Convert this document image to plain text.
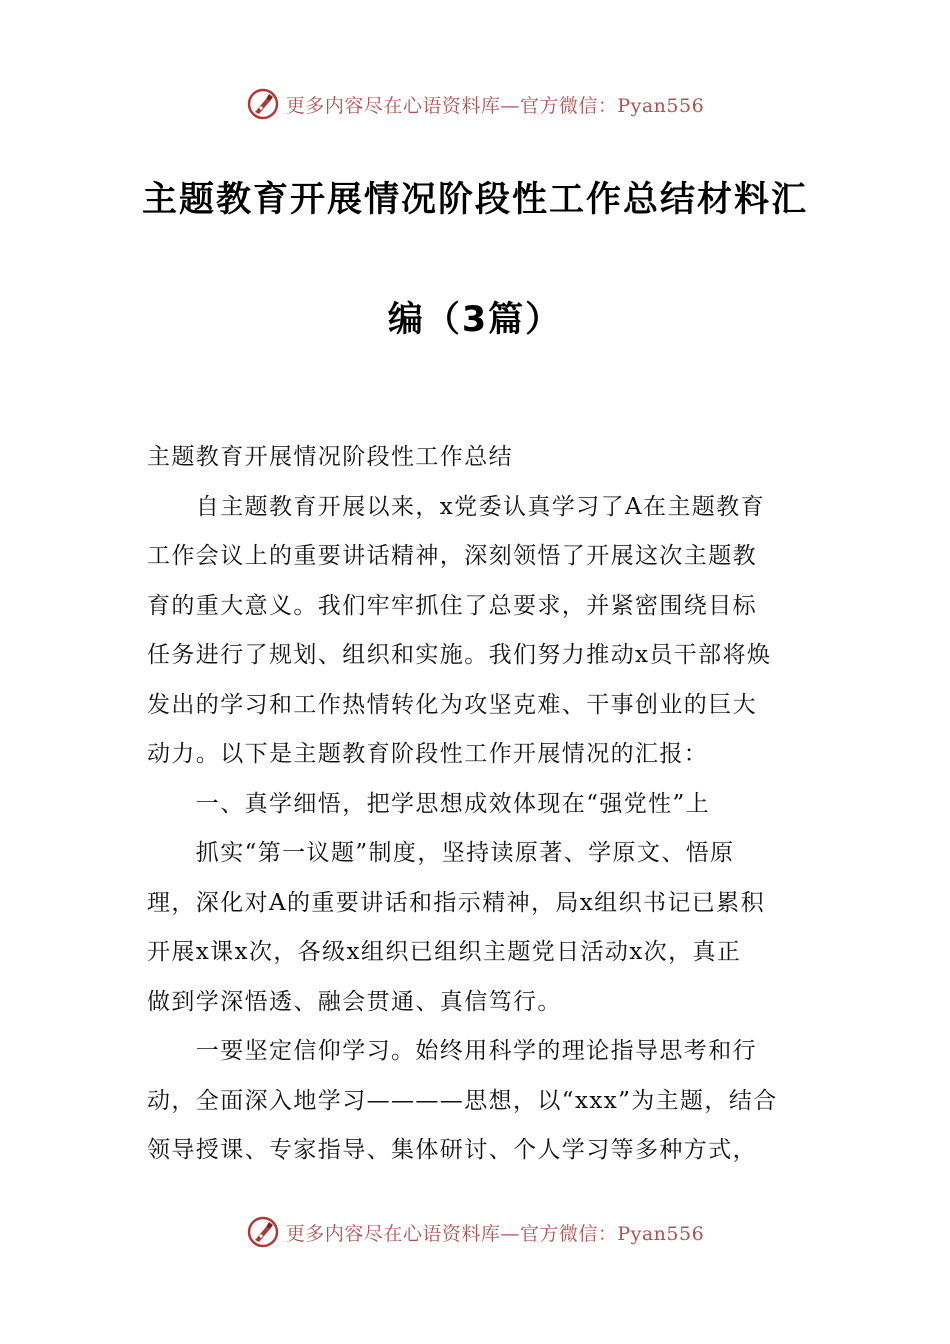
更多内容尽在心语资料库—官方微信：Pyan556
主题教育开展情况阶段性工作总结材料汇
编（3篇）
主题教育开展情况阶段性工作总结
　　自主题教育开展以来，x党委认真学习了A在主题教育
工作会议上的重要讲话精神，深刻领悟了开展这次主题教
育的重大意义。我们牢牢抓住了总要求，并紧密围绕目标
任务进行了规划、组织和实施。我们努力推动x员干部将焕
发出的学习和工作热情转化为攻坚克难、干事创业的巨大
动力。以下是主题教育阶段性工作开展情况的汇报：
　　一、真学细悟，把学思想成效体现在“强党性”上
　　抓实“第一议题”制度，坚持读原著、学原文、悟原
理，深化对A的重要讲话和指示精神，局x组织书记已累积
开展x课x次，各级x组织已组织主题党日活动x次，真正
做到学深悟透、融会贯通、真信笃行。
　　一要坚定信仰学习。始终用科学的理论指导思考和行
动，全面深入地学习————思想，以“xxx”为主题，结合
领导授课、专家指导、集体研讨、个人学习等多种方式，
更多内容尽在心语资料库—官方微信：Pyan556
